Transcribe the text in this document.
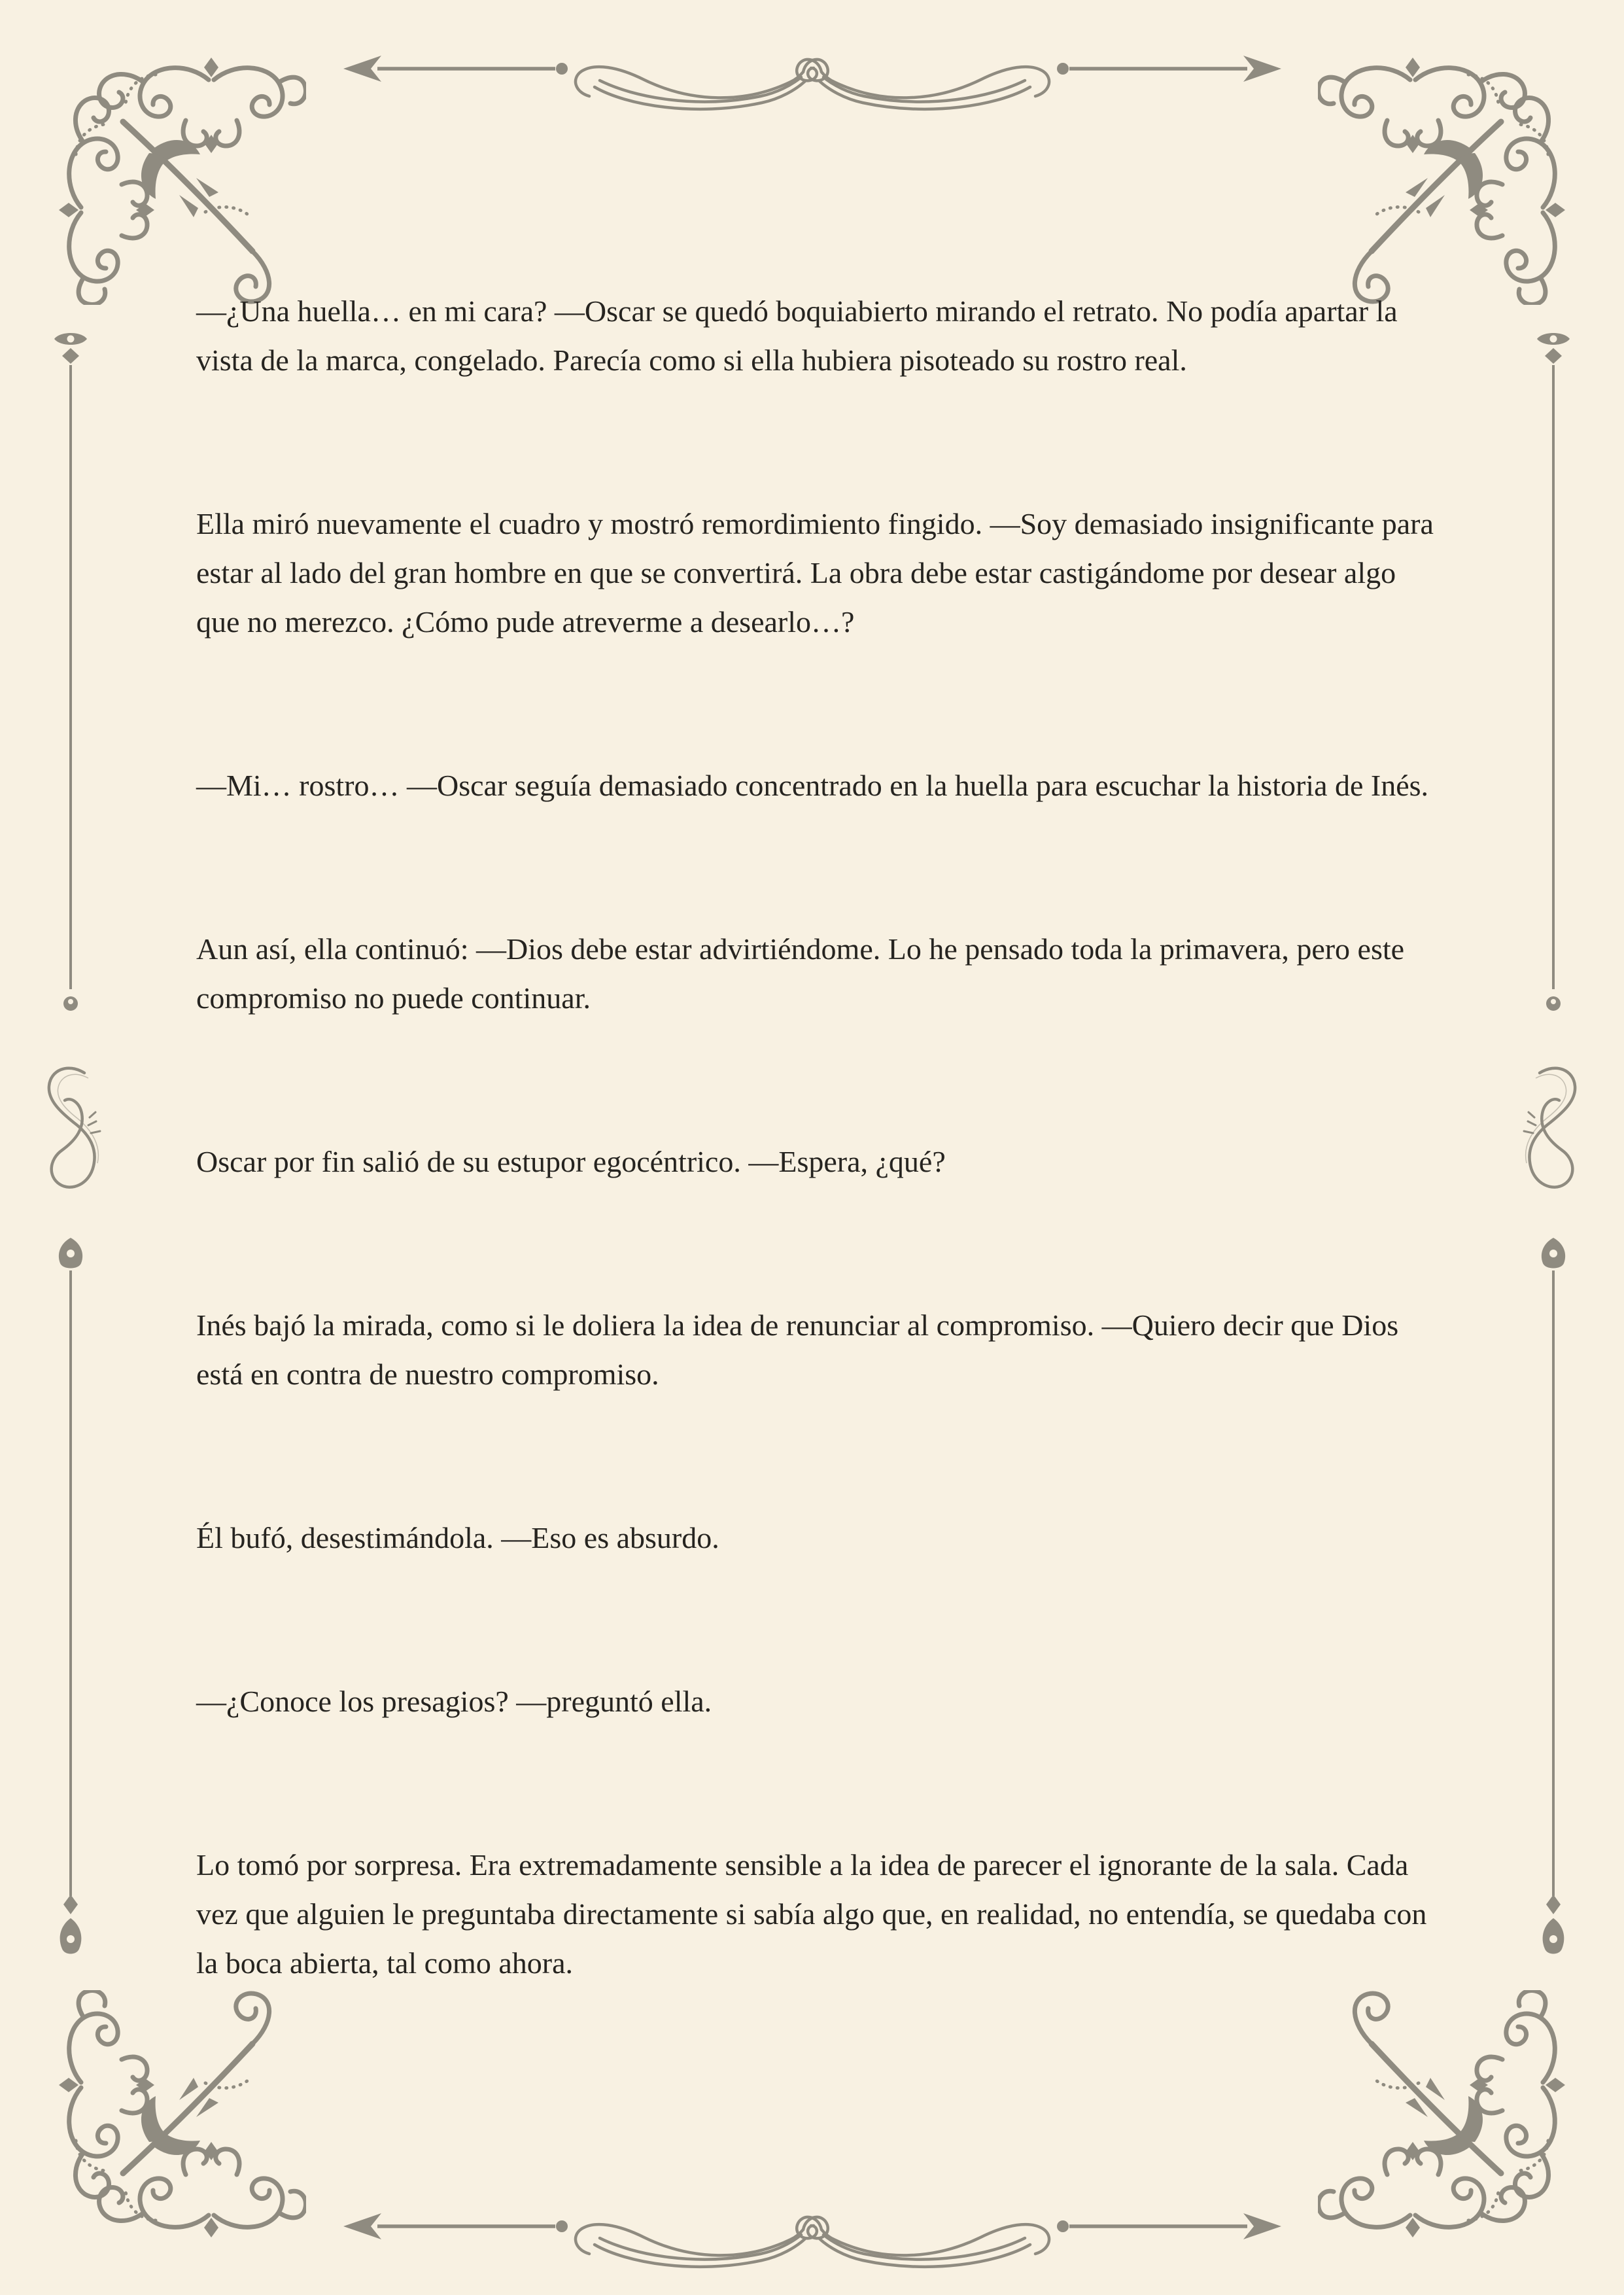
—¿Una huella… en mi cara? —Oscar se quedó boquiabierto mirando el retrato. No podía apartar la vista de la marca, congelado. Parecía como si ella hubiera pisoteado su rostro real.

Ella miró nuevamente el cuadro y mostró remordimiento fingido. —Soy demasiado insignificante para estar al lado del gran hombre en que se convertirá. La obra debe estar castigándome por desear algo que no merezco. ¿Cómo pude atreverme a desearlo…?

—Mi… rostro… —Oscar seguía demasiado concentrado en la huella para escuchar la historia de Inés.

Aun así, ella continuó: —Dios debe estar advirtiéndome. Lo he pensado toda la primavera, pero este compromiso no puede continuar.

Oscar por fin salió de su estupor egocéntrico. —Espera, ¿qué?

Inés bajó la mirada, como si le doliera la idea de renunciar al compromiso. —Quiero decir que Dios está en contra de nuestro compromiso.

Él bufó, desestimándola. —Eso es absurdo.

—¿Conoce los presagios? —preguntó ella.

Lo tomó por sorpresa. Era extremadamente sensible a la idea de parecer el ignorante de la sala. Cada vez que alguien le preguntaba directamente si sabía algo que, en realidad, no entendía, se quedaba con la boca abierta, tal como ahora.
